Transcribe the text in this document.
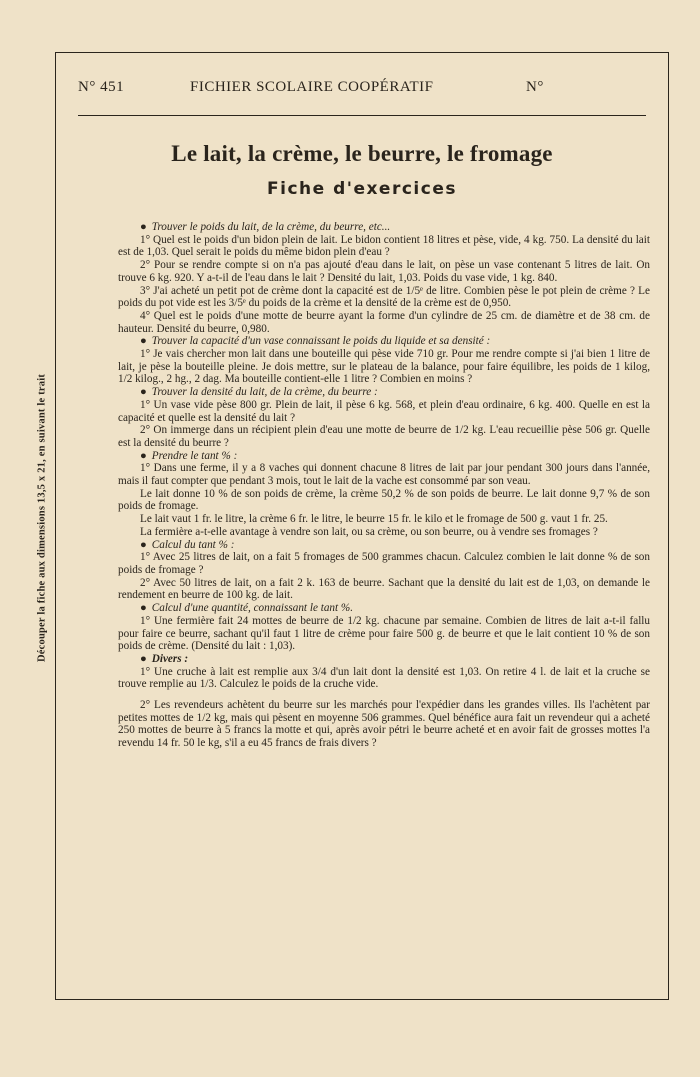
Découper la fiche aux dimensions 13,5 x 21, en suivant le trait
N° 451	FICHIER SCOLAIRE COOPÉRATIF	N°
Le lait, la crème, le beurre, le fromage
Fiche d'exercices

● Trouver le poids du lait, de la crème, du beurre, etc...

1° Quel est le poids d'un bidon plein de lait. Le bidon contient 18 litres et pèse, vide, 4 kg. 750. La densité du lait est de 1,03. Quel serait le poids du même bidon plein d'eau ?

2° Pour se rendre compte si on n'a pas ajouté d'eau dans le lait, on pèse un vase contenant 5 litres de lait. On trouve 6 kg. 920. Y a-t-il de l'eau dans le lait ? Densité du lait, 1,03. Poids du vase vide, 1 kg. 840.

3° J'ai acheté un petit pot de crème dont la capacité est de 1/5ᵉ de litre. Combien pèse le pot plein de crème ? Le poids du pot vide est les 3/5ᵉ du poids de la crème et la densité de la crème est de 0,950.

4° Quel est le poids d'une motte de beurre ayant la forme d'un cylindre de 25 cm. de diamètre et de 38 cm. de hauteur. Densité du beurre, 0,980.

● Trouver la capacité d'un vase connaissant le poids du liquide et sa densité :

1° Je vais chercher mon lait dans une bouteille qui pèse vide 710 gr. Pour me rendre compte si j'ai bien 1 litre de lait, je pèse la bouteille pleine. Je dois mettre, sur le plateau de la balance, pour faire équilibre, les poids de 1 kilog, 1/2 kilog., 2 hg., 2 dag. Ma bouteille contient-elle 1 litre ? Combien en moins ?

● Trouver la densité du lait, de la crème, du beurre :

1° Un vase vide pèse 800 gr. Plein de lait, il pèse 6 kg. 568, et plein d'eau ordinaire, 6 kg. 400. Quelle en est la capacité et quelle est la densité du lait ?

2° On immerge dans un récipient plein d'eau une motte de beurre de 1/2 kg. L'eau recueillie pèse 506 gr. Quelle est la densité du beurre ?

● Prendre le tant % :

1° Dans une ferme, il y a 8 vaches qui donnent chacune 8 litres de lait par jour pendant 300 jours dans l'année, mais il faut compter que pendant 3 mois, tout le lait de la vache est consommé par son veau.

Le lait donne 10 % de son poids de crème, la crème 50,2 % de son poids de beurre. Le lait donne 9,7 % de son poids de fromage.

Le lait vaut 1 fr. le litre, la crème 6 fr. le litre, le beurre 15 fr. le kilo et le fromage de 500 g. vaut 1 fr. 25.

La fermière a-t-elle avantage à vendre son lait, ou sa crème, ou son beurre, ou à vendre ses fromages ?

● Calcul du tant % :

1° Avec 25 litres de lait, on a fait 5 fromages de 500 grammes chacun. Calculez combien le lait donne % de son poids de fromage ?

2° Avec 50 litres de lait, on a fait 2 k. 163 de beurre. Sachant que la densité du lait est de 1,03, on demande le rendement en beurre de 100 kg. de lait.

● Calcul d'une quantité, connaissant le tant %.

1° Une fermière fait 24 mottes de beurre de 1/2 kg. chacune par semaine. Combien de litres de lait a-t-il fallu pour faire ce beurre, sachant qu'il faut 1 litre de crème pour faire 500 g. de beurre et que le lait contient 10 % de son poids de crème. (Densité du lait : 1,03).

● Divers :

1° Une cruche à lait est remplie aux 3/4 d'un lait dont la densité est 1,03. On retire 4 l. de lait et la cruche se trouve remplie au 1/3. Calculez le poids de la cruche vide.

2° Les revendeurs achètent du beurre sur les marchés pour l'expédier dans les grandes villes. Ils l'achètent par petites mottes de 1/2 kg, mais qui pèsent en moyenne 506 grammes. Quel bénéfice aura fait un revendeur qui a acheté 250 mottes de beurre à 5 francs la motte et qui, après avoir pétri le beurre acheté et en avoir fait de grosses mottes l'a revendu 14 fr. 50 le kg, s'il a eu 45 francs de frais divers ?
